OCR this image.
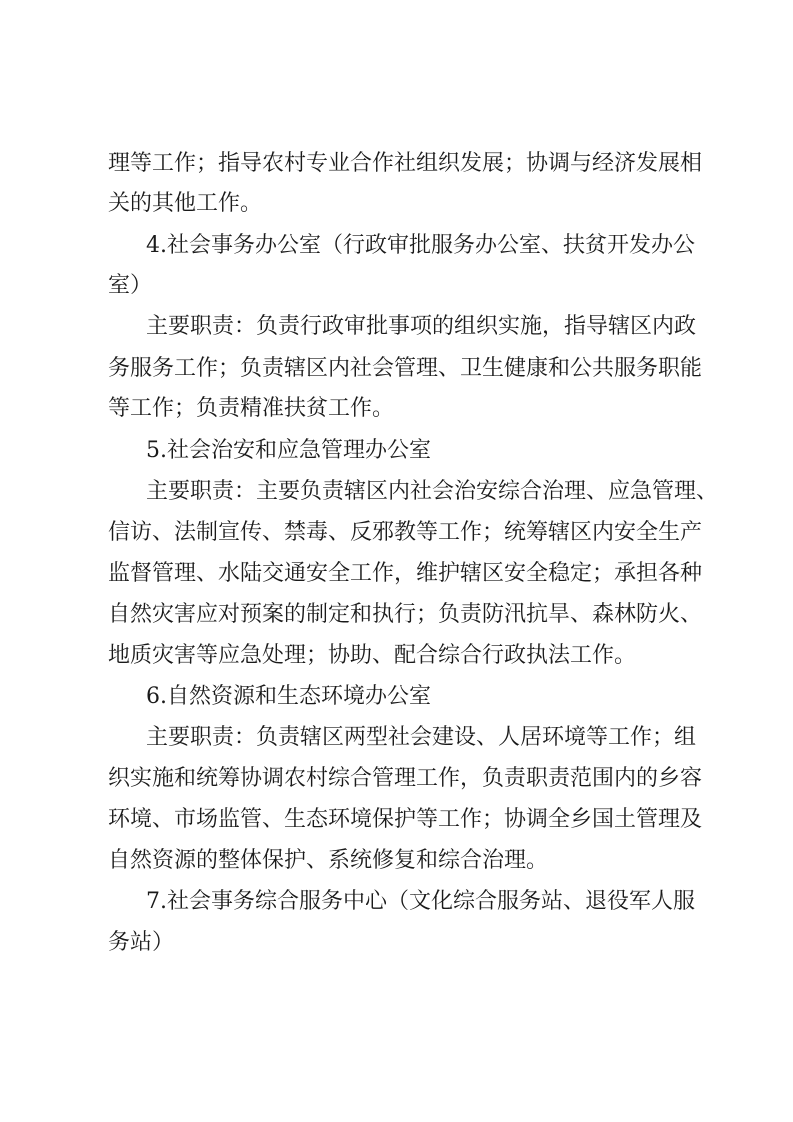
理等工作；指导农村专业合作社组织发展；协调与经济发展相
关的其他工作。
4.社会事务办公室（行政审批服务办公室、扶贫开发办公
室）
主要职责：负责行政审批事项的组织实施，指导辖区内政
务服务工作；负责辖区内社会管理、卫生健康和公共服务职能
等工作；负责精准扶贫工作。
5.社会治安和应急管理办公室
主要职责：主要负责辖区内社会治安综合治理、应急管理、
信访、法制宣传、禁毒、反邪教等工作；统筹辖区内安全生产
监督管理、水陆交通安全工作，维护辖区安全稳定；承担各种
自然灾害应对预案的制定和执行；负责防汛抗旱、森林防火、
地质灾害等应急处理；协助、配合综合行政执法工作。
6.自然资源和生态环境办公室
主要职责：负责辖区两型社会建设、人居环境等工作；组
织实施和统筹协调农村综合管理工作，负责职责范围内的乡容
环境、市场监管、生态环境保护等工作；协调全乡国土管理及
自然资源的整体保护、系统修复和综合治理。
7.社会事务综合服务中心（文化综合服务站、退役军人服
务站）
